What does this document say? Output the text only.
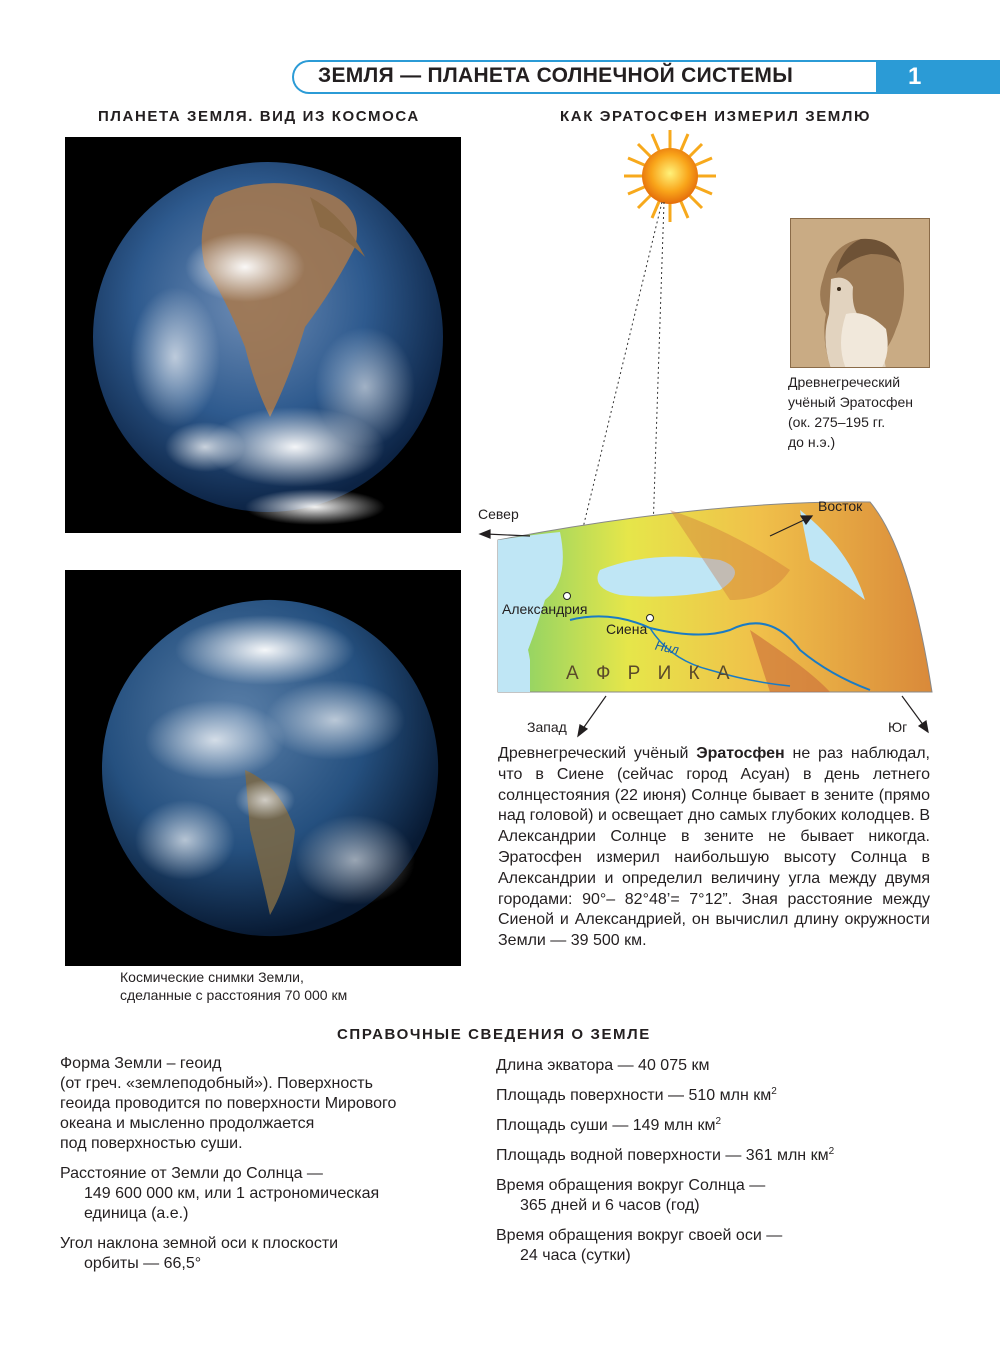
ЗЕМЛЯ — ПЛАНЕТА СОЛНЕЧНОЙ СИСТЕМЫ	1
ПЛАНЕТА ЗЕМЛЯ. ВИД ИЗ КОСМОСА	КАК ЭРАТОСФЕН ИЗМЕРИЛ ЗЕМЛЮ
Космические снимки Земли,
сделанные с расстояния 70 000 км
Север	Восток
Запад	Юг
Александрия
Сиена
Нил
А Ф Р И К А
Древнегреческий
учёный Эратосфен
(ок. 275–195 гг.
до н.э.)
Древнегреческий учёный Эратосфен не раз наблюдал, что в Сиене (сейчас город Асуан) в день летнего солнцестояния (22 июня) Солнце бывает в зените (прямо над головой) и освещает дно самых глубоких колодцев. В Александрии Солнце в зените не бывает никогда. Эратосфен измерил наибольшую высоту Солнца в Александрии и определил величину угла между двумя городами: 90°– 82°48’= 7°12”. Зная расстояние между Сиеной и Александрией, он вычислил длину окружности Земли — 39 500 км.
СПРАВОЧНЫЕ СВЕДЕНИЯ О ЗЕМЛЕ
Форма Земли – геоид
(от греч. «землеподобный»). Поверхность
геоида проводится по поверхности Мирового
океана и мысленно продолжается
под поверхностью суши.
Расстояние от Земли до Солнца —
149 600 000 км, или 1 астрономическая
единица (а.е.)
Угол наклона земной оси к плоскости
орбиты — 66,5°
Длина экватора — 40 075 км
Площадь поверхности — 510 млн $км^2$
Площадь суши — 149 млн $км^2$
Площадь водной поверхности — 361 млн $км^2$
Время обращения вокруг Солнца —
365 дней и 6 часов (год)
Время обращения вокруг своей оси —
24 часа (сутки)
